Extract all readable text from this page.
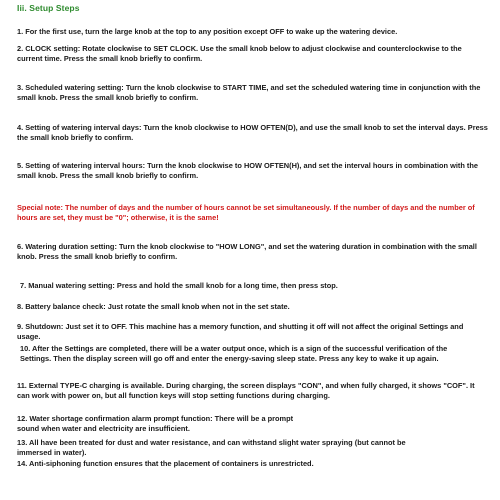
Iii. Setup Steps

1. For the first use, turn the large knob at the top to any position except OFF to wake up the watering device.

2. CLOCK setting: Rotate clockwise to SET CLOCK. Use the small knob below to adjust clockwise and counterclockwise to the current time. Press the small knob briefly to confirm.

3. Scheduled watering setting: Turn the knob clockwise to START TIME, and set the scheduled watering time in conjunction with the small knob. Press the small knob briefly to confirm.

4. Setting of watering interval days: Turn the knob clockwise to HOW OFTEN(D), and use the small knob to set the interval days. Press the small knob briefly to confirm.

5. Setting of watering interval hours: Turn the knob clockwise to HOW OFTEN(H), and set the interval hours in combination with the small knob. Press the small knob briefly to confirm.

Special note: The number of days and the number of hours cannot be set simultaneously. If the number of days and the number of hours are set, they must be "0"; otherwise, it is the same!

6. Watering duration setting: Turn the knob clockwise to "HOW LONG", and set the watering duration in combination with the small knob. Press the small knob briefly to confirm.

7. Manual watering setting: Press and hold the small knob for a long time, then press stop.

8. Battery balance check: Just rotate the small knob when not in the set state.

9. Shutdown: Just set it to OFF. This machine has a memory function, and shutting it off will not affect the original Settings and usage.

10. After the Settings are completed, there will be a water output once, which is a sign of the successful verification of the Settings. Then the display screen will go off and enter the energy-saving sleep state. Press any key to wake it up again.

11. External TYPE-C charging is available. During charging, the screen displays "CON", and when fully charged, it shows "COF". It can work with power on, but all function keys will stop setting functions during charging.

12. Water shortage confirmation alarm prompt function: There will be a prompt sound when water and electricity are insufficient.

13. All have been treated for dust and water resistance, and can withstand slight water spraying (but cannot be immersed in water).

14. Anti-siphoning function ensures that the placement of containers is unrestricted.
